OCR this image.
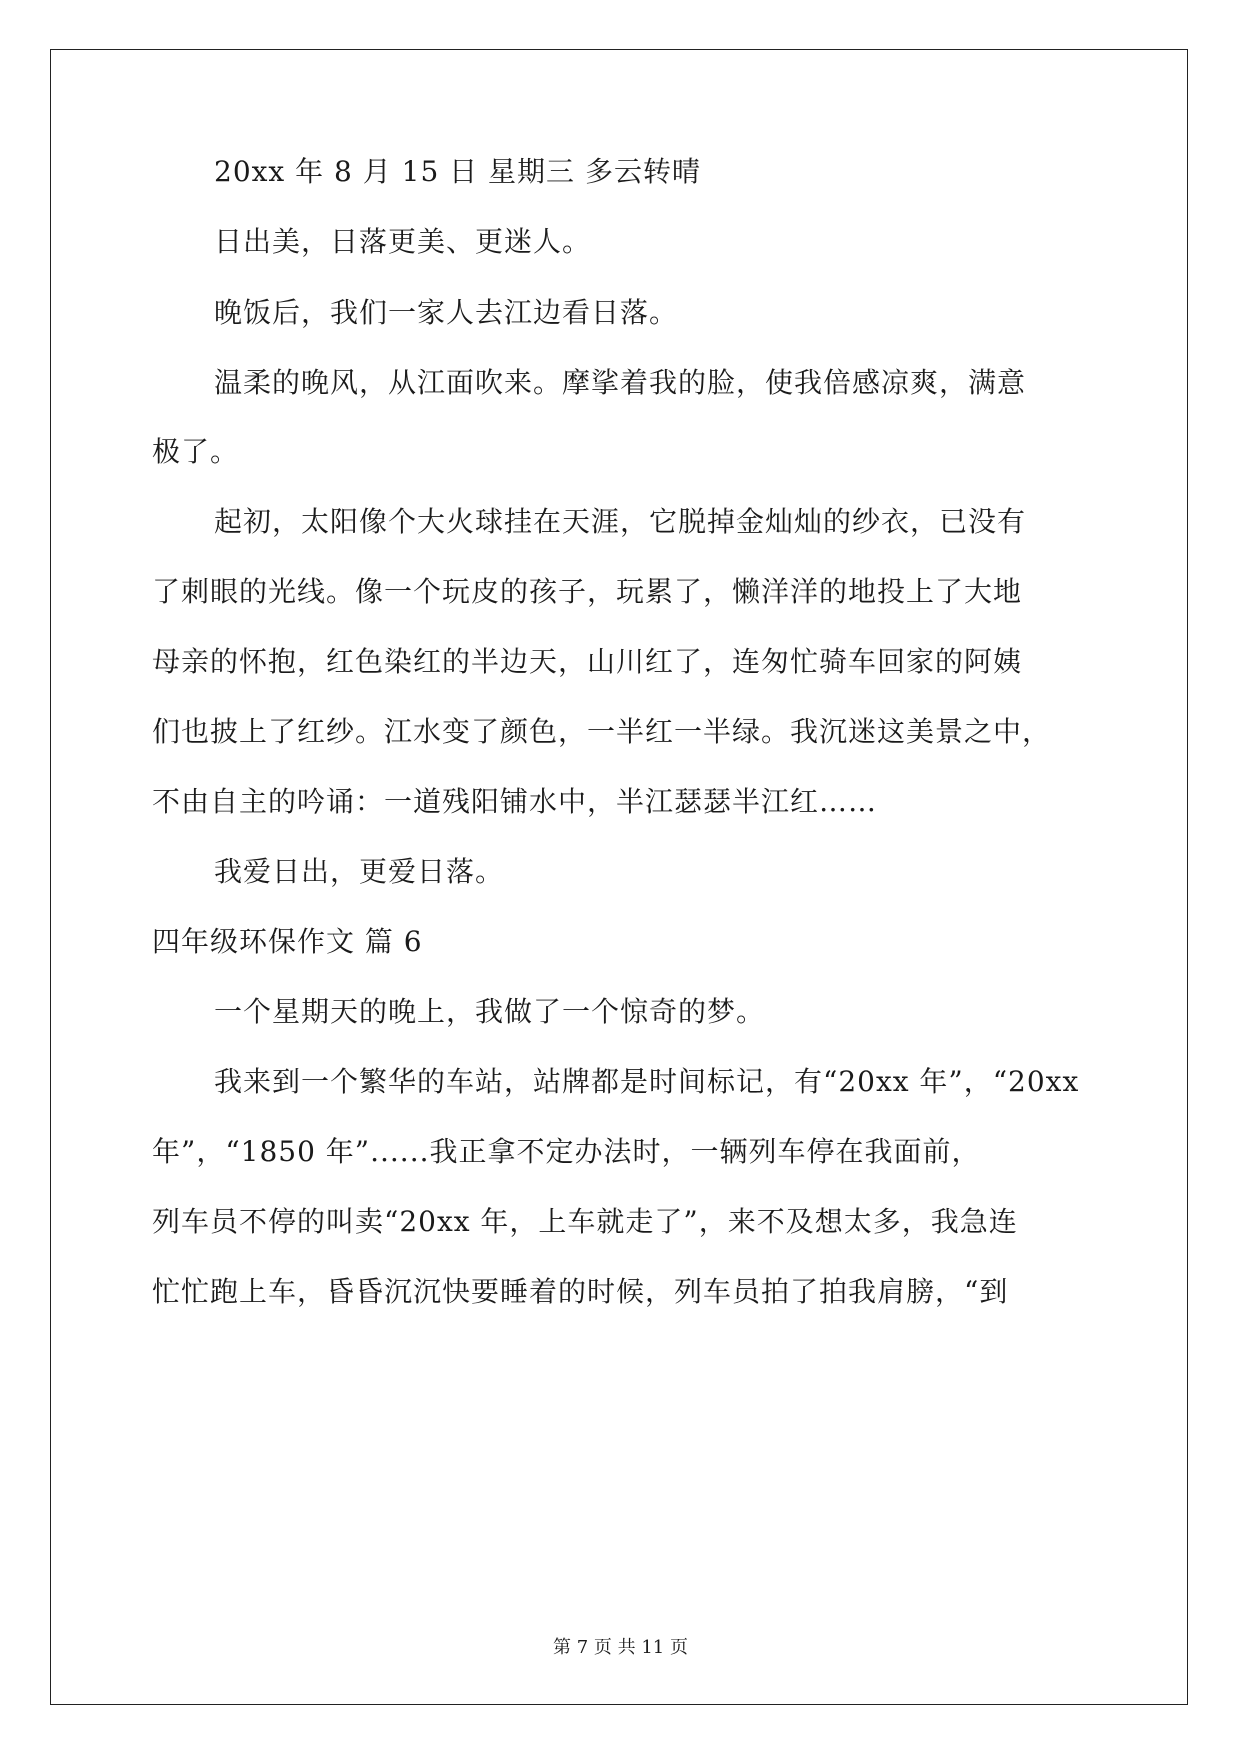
20xx 年 8 月 15 日 星期三 多云转晴
日出美，日落更美、更迷人。
晚饭后，我们一家人去江边看日落。
温柔的晚风，从江面吹来。摩挲着我的脸，使我倍感凉爽，满意
极了。
起初，太阳像个大火球挂在天涯，它脱掉金灿灿的纱衣，已没有
了刺眼的光线。像一个玩皮的孩子，玩累了，懒洋洋的地投上了大地
母亲的怀抱，红色染红的半边天，山川红了，连匆忙骑车回家的阿姨
们也披上了红纱。江水变了颜色，一半红一半绿。我沉迷这美景之中，
不由自主的吟诵：一道残阳铺水中，半江瑟瑟半江红……
我爱日出，更爱日落。
四年级环保作文 篇 6
一个星期天的晚上，我做了一个惊奇的梦。
我来到一个繁华的车站，站牌都是时间标记，有“20xx 年”，“20xx
年”，“1850 年”......我正拿不定办法时，一辆列车停在我面前，
列车员不停的叫卖“20xx 年，上车就走了”，来不及想太多，我急连
忙忙跑上车，昏昏沉沉快要睡着的时候，列车员拍了拍我肩膀，“到
第 7 页 共 11 页
